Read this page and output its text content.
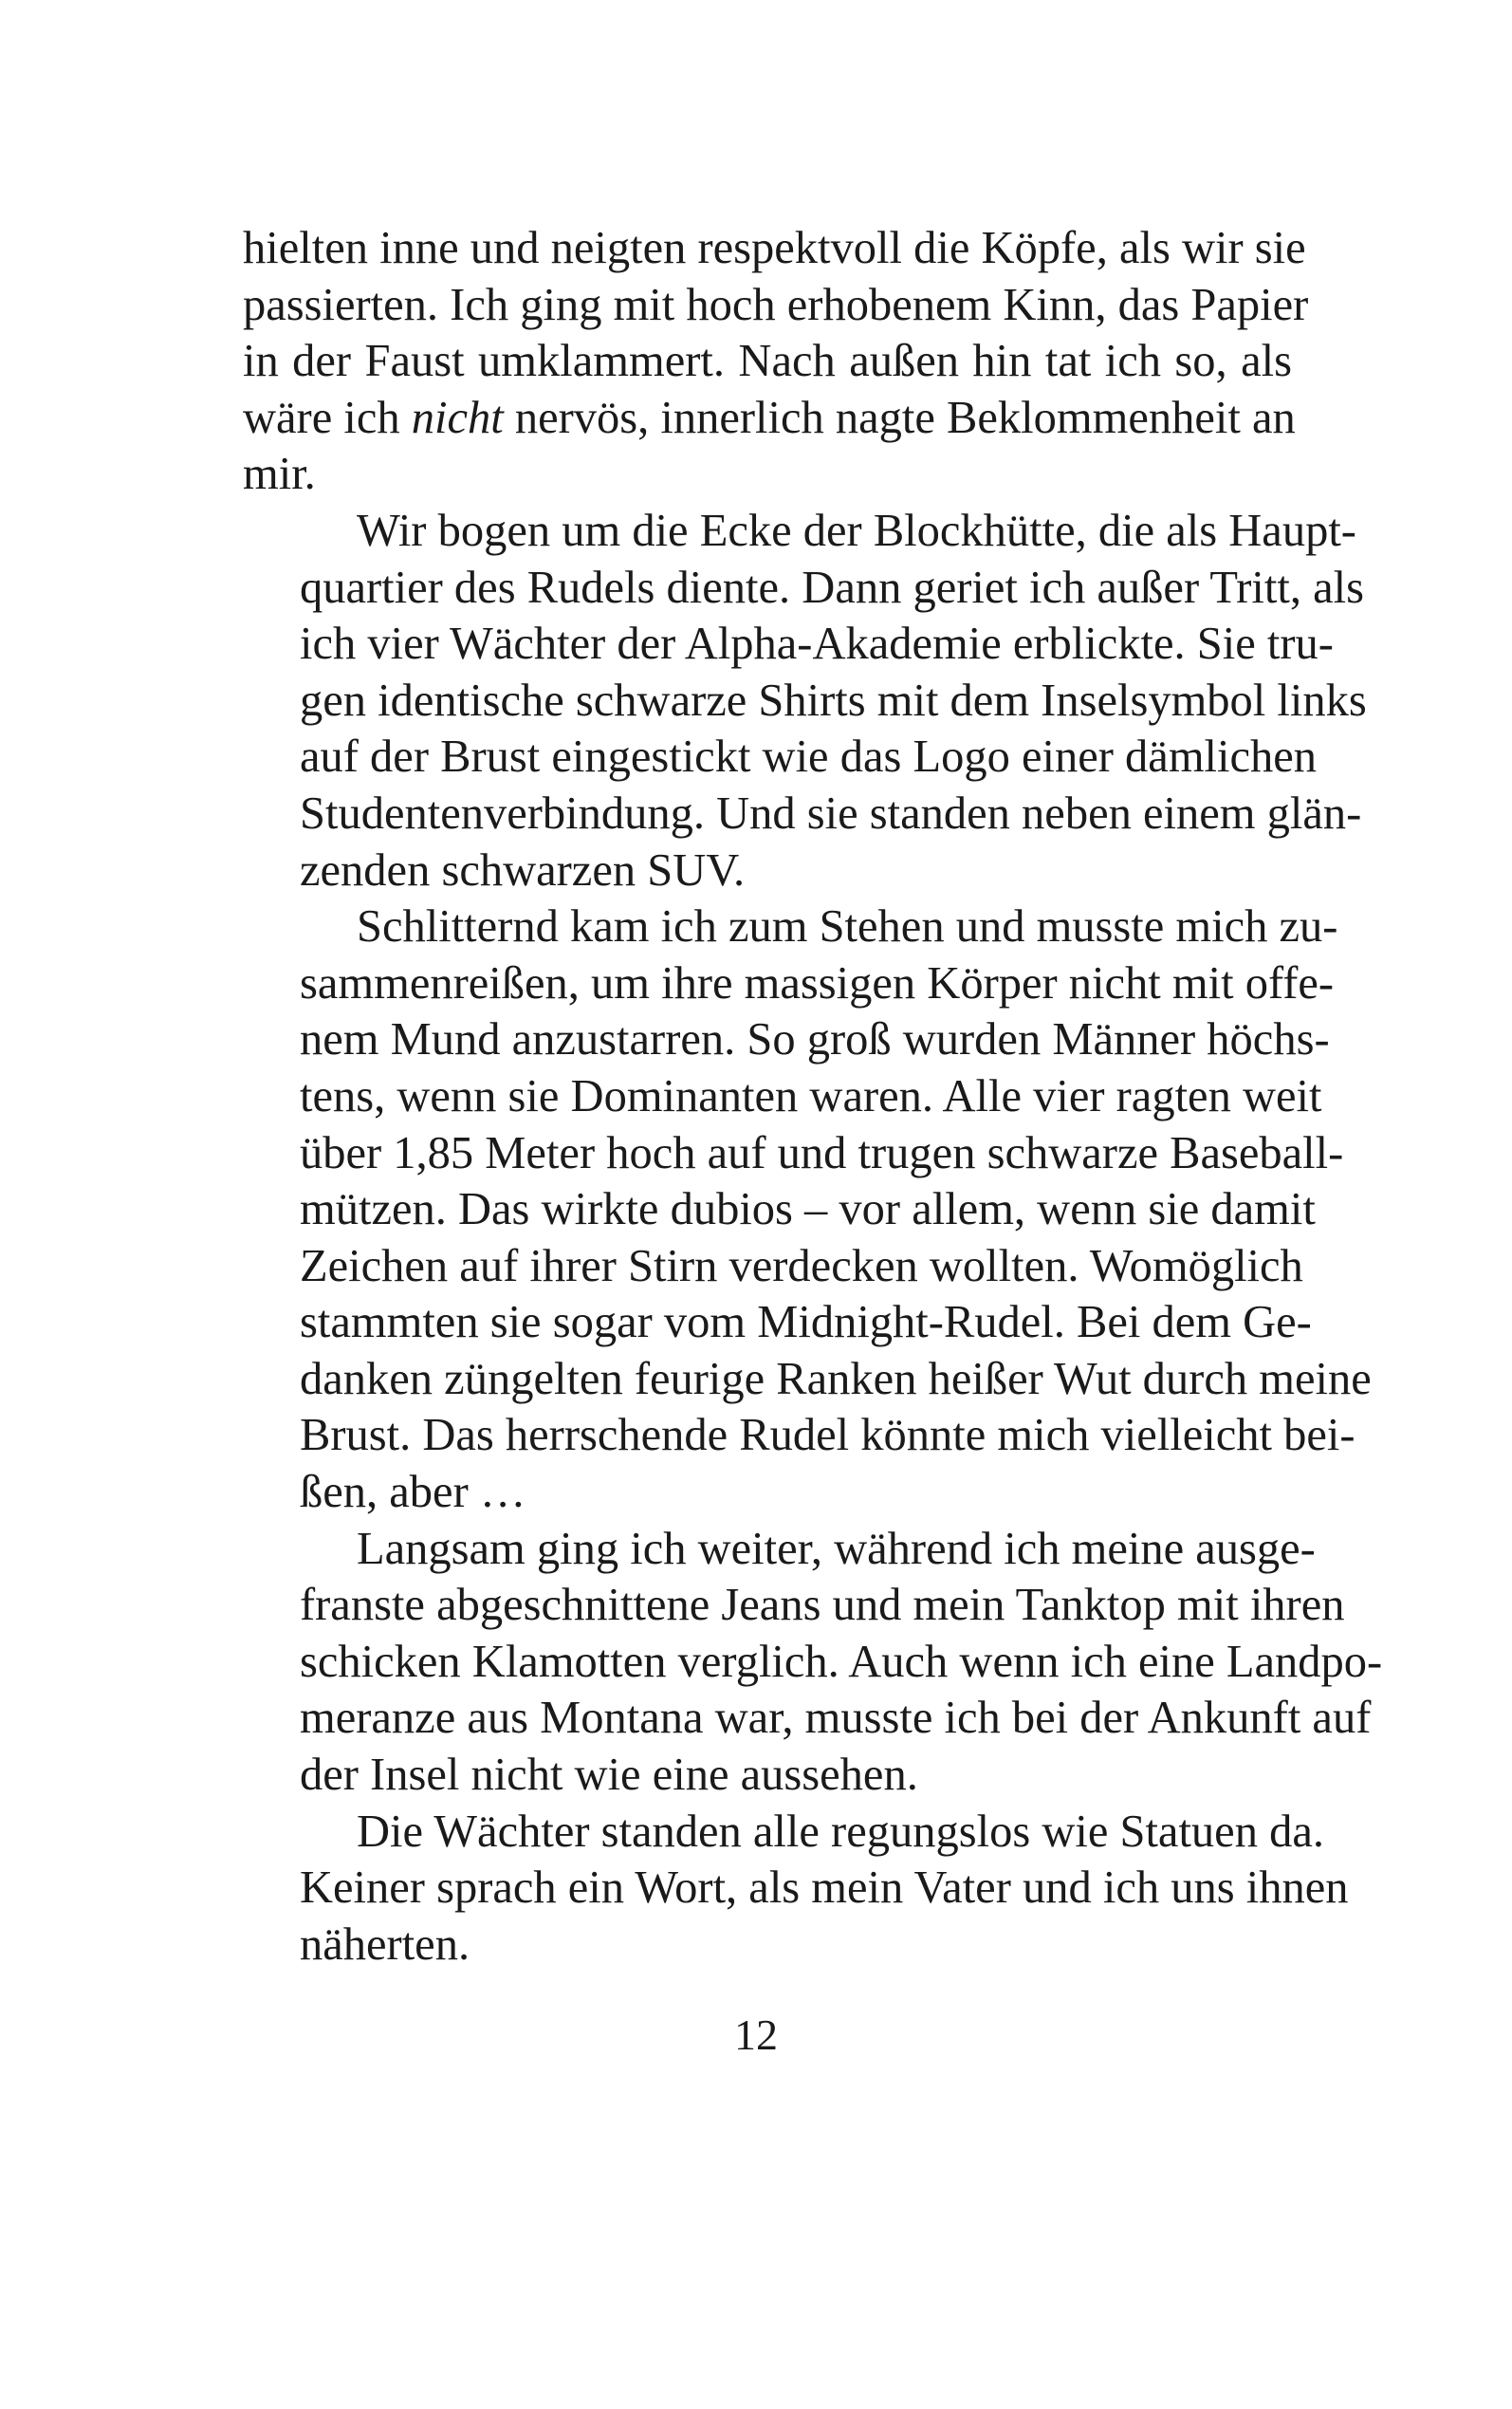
hielten inne und neigten respektvoll die Köpfe, als wir sie
passierten. Ich ging mit hoch erhobenem Kinn, das Papier
in der Faust umklammert. Nach außen hin tat ich so, als
wäre ich nicht nervös, innerlich nagte Beklommenheit an
mir.
Wir bogen um die Ecke der Blockhütte, die als Haupt-
quartier des Rudels diente. Dann geriet ich außer Tritt, als
ich vier Wächter der Alpha-Akademie erblickte. Sie tru-
gen identische schwarze Shirts mit dem Inselsymbol links
auf der Brust eingestickt wie das Logo einer dämlichen
Studentenverbindung. Und sie standen neben einem glän-
zenden schwarzen SUV.
Schlitternd kam ich zum Stehen und musste mich zu-
sammenreißen, um ihre massigen Körper nicht mit offe-
nem Mund anzustarren. So groß wurden Männer höchs-
tens, wenn sie Dominanten waren. Alle vier ragten weit
über 1,85 Meter hoch auf und trugen schwarze Baseball-
mützen. Das wirkte dubios – vor allem, wenn sie damit
Zeichen auf ihrer Stirn verdecken wollten. Womöglich
stammten sie sogar vom Midnight-Rudel. Bei dem Ge-
danken züngelten feurige Ranken heißer Wut durch meine
Brust. Das herrschende Rudel könnte mich vielleicht bei-
ßen, aber …
Langsam ging ich weiter, während ich meine ausge-
franste abgeschnittene Jeans und mein Tanktop mit ihren
schicken Klamotten verglich. Auch wenn ich eine Landpo-
meranze aus Montana war, musste ich bei der Ankunft auf
der Insel nicht wie eine aussehen.
Die Wächter standen alle regungslos wie Statuen da.
Keiner sprach ein Wort, als mein Vater und ich uns ihnen
näherten.
12
